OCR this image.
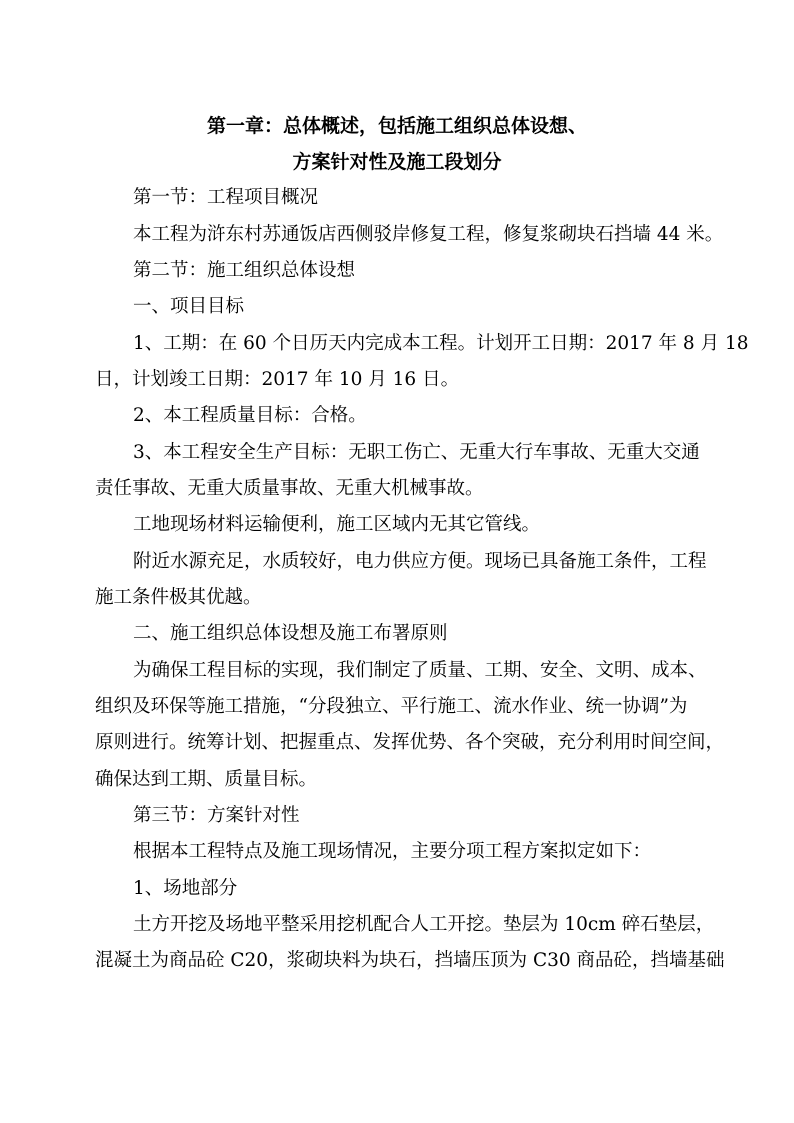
第一章：总体概述，包括施工组织总体设想、
方案针对性及施工段划分
第一节：工程项目概况
本工程为浒东村苏通饭店西侧驳岸修复工程，修复浆砌块石挡墙 44 米。
第二节：施工组织总体设想
一、项目目标
1、工期：在 60 个日历天内完成本工程。计划开工日期：2017 年 8 月 18
日，计划竣工日期：2017 年 10 月 16 日。
2、本工程质量目标：合格。
3、本工程安全生产目标：无职工伤亡、无重大行车事故、无重大交通
责任事故、无重大质量事故、无重大机械事故。
工地现场材料运输便利，施工区域内无其它管线。
附近水源充足，水质较好，电力供应方便。现场已具备施工条件，工程
施工条件极其优越。
二、施工组织总体设想及施工布署原则
为确保工程目标的实现，我们制定了质量、工期、安全、文明、成本、
组织及环保等施工措施，“分段独立、平行施工、流水作业、统一协调”为
原则进行。统筹计划、把握重点、发挥优势、各个突破，充分利用时间空间，
确保达到工期、质量目标。
第三节：方案针对性
根据本工程特点及施工现场情况，主要分项工程方案拟定如下：
1、场地部分
土方开挖及场地平整采用挖机配合人工开挖。垫层为 10cm 碎石垫层，
混凝土为商品砼 C20，浆砌块料为块石，挡墙压顶为 C30 商品砼，挡墙基础
